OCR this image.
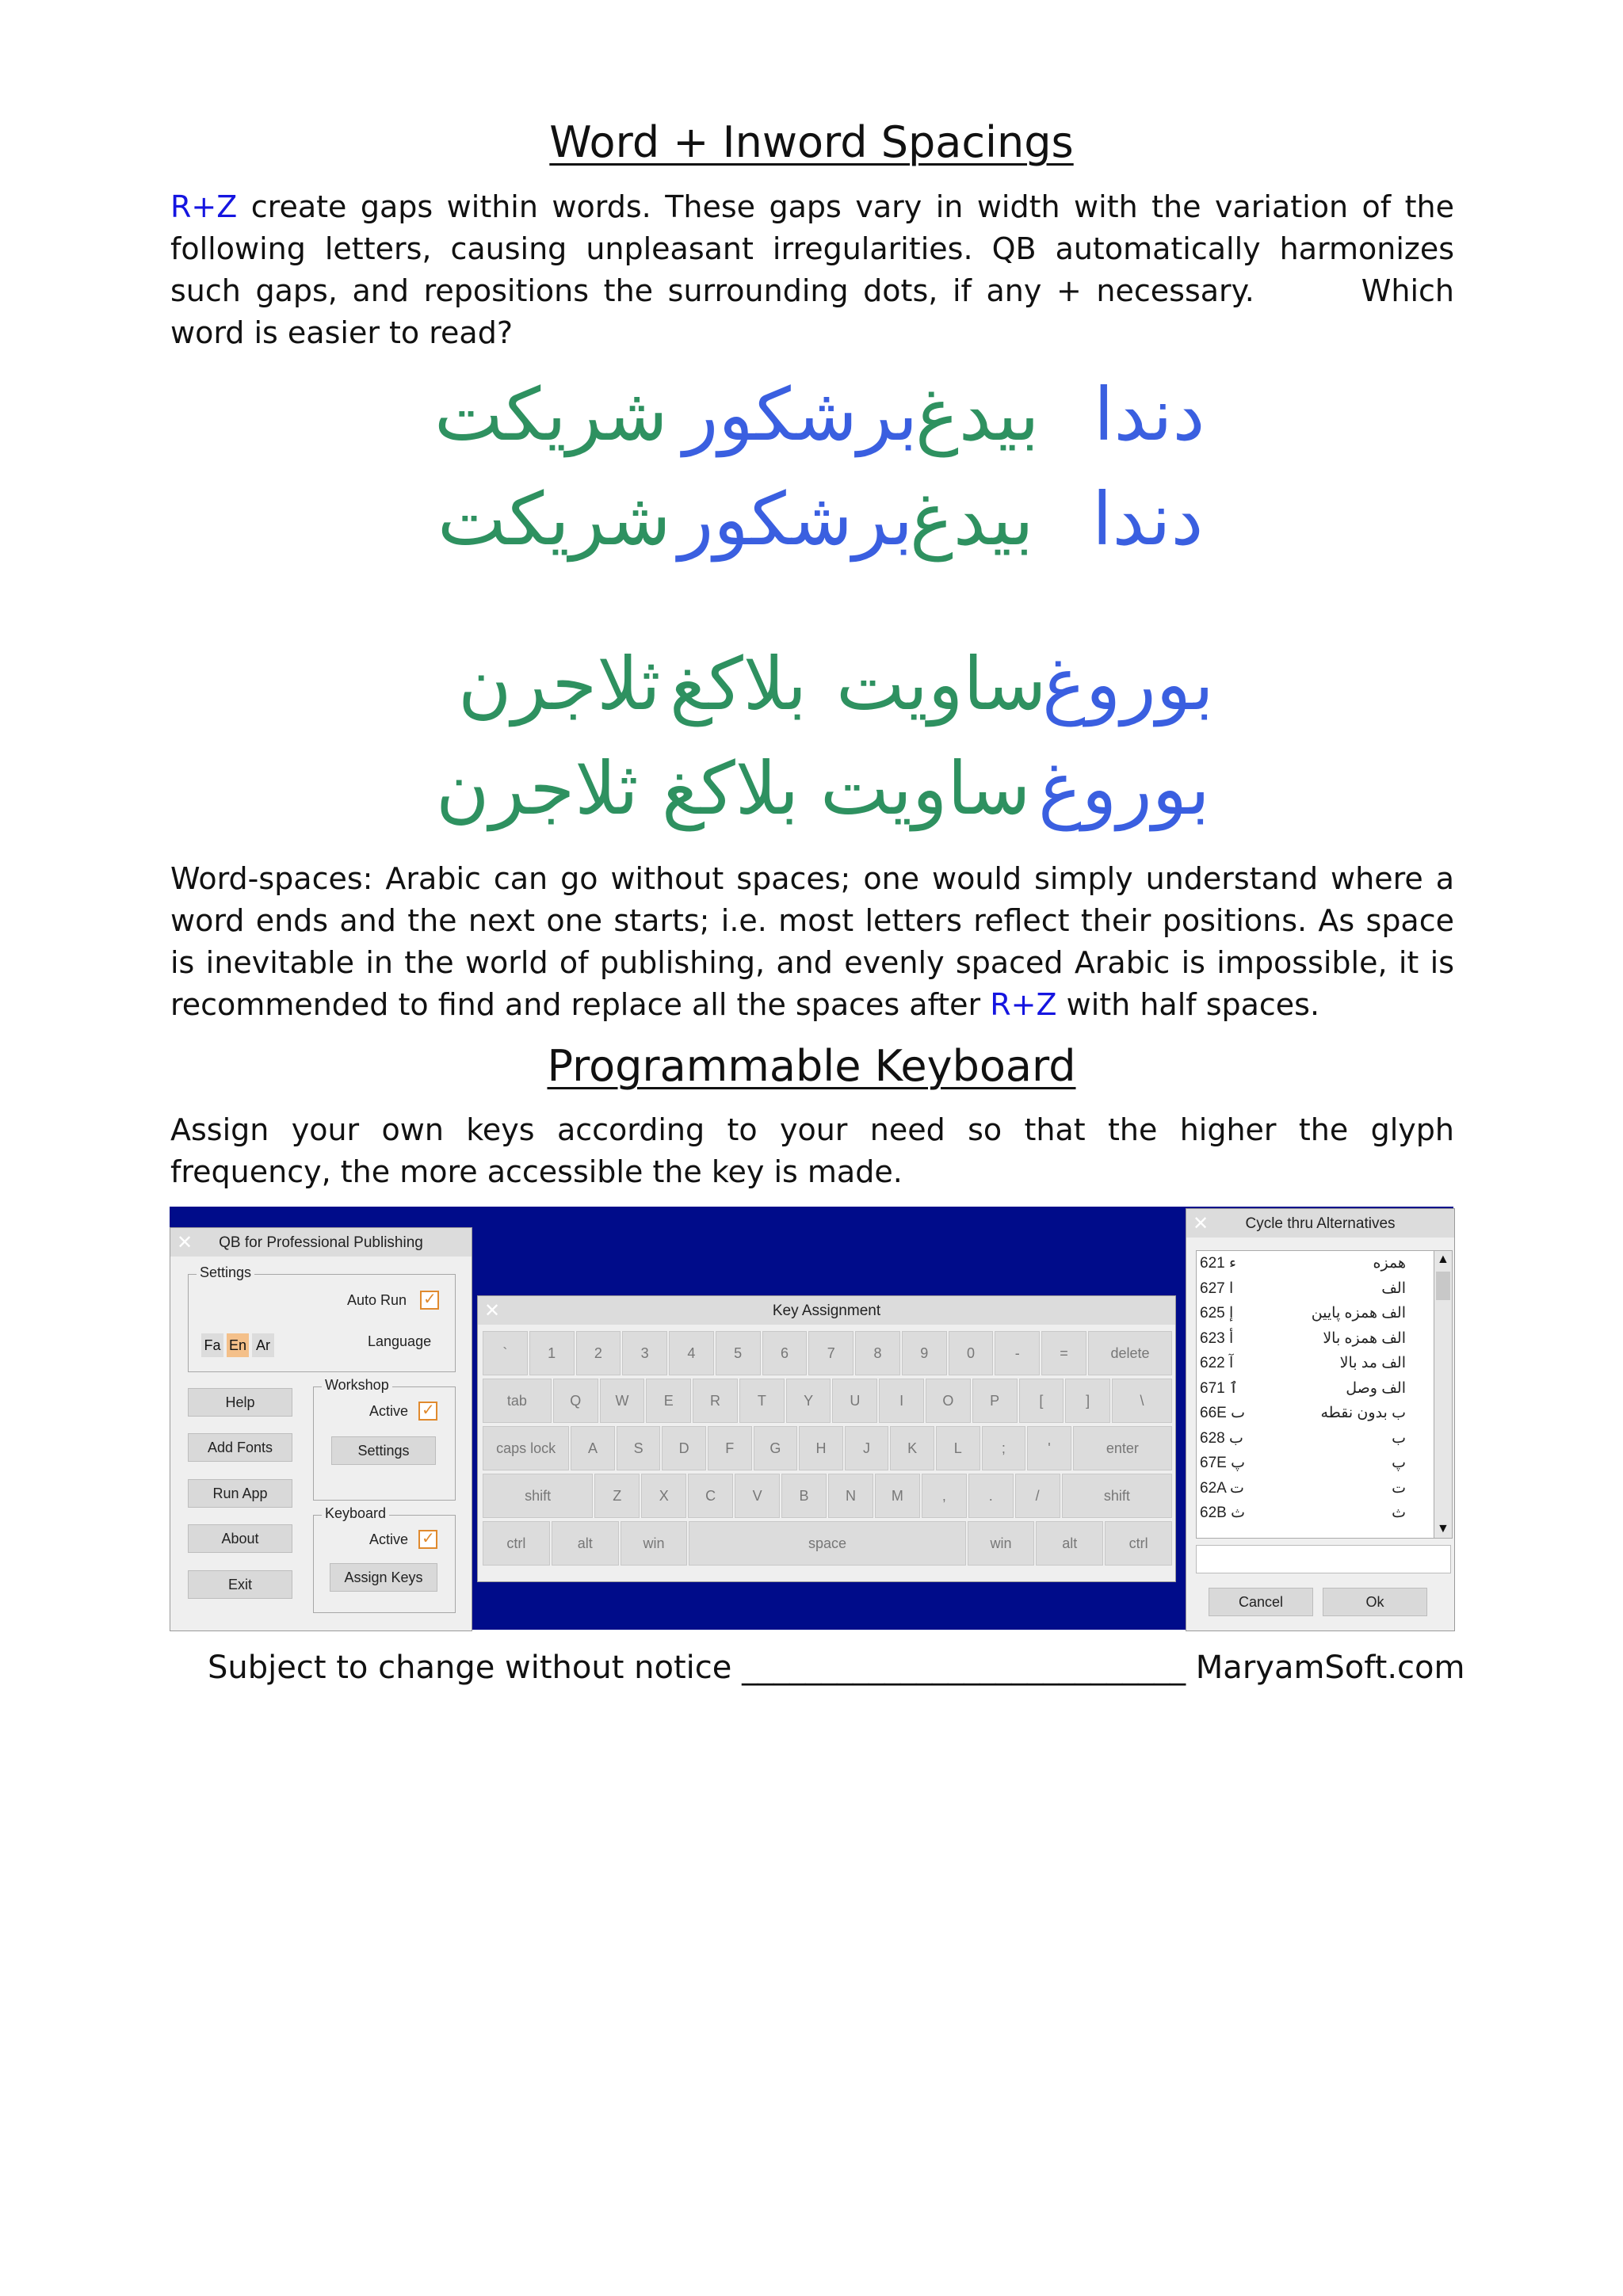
Word + Inword Spacings
R+Z create gaps within words. These gaps vary in width with the variation of the following letters, causing unpleasant irregularities. QB automatically harmonizes such gaps, and repositions the surrounding dots, if any + necessary.	Which word is easier to read?
شريكت برشكور
بيدغ دندا
شريكت برشكور
بيدغ دندا
ثلاجرن بلاكغ ساويت
بوروغ
ثلاجرن بلاكغ ساويت بوروغ
Word-spaces: Arabic can go without spaces; one would simply understand where a word ends and the next one starts; i.e. most letters reflect their positions. As space is inevitable in the world of publishing, and evenly spaced Arabic is impossible, it is recommended to find and replace all the spaces after R+Z with half spaces.
Programmable Keyboard
Assign your own keys according to your need so that the higher the glyph frequency, the more accessible the key is made.
✕	QB for Professional Publishing
Settings
Auto Run
✓
Fa En Ar	Language
Help
Add Fonts
Run App
About
Exit
Workshop
Active
✓
Settings
Keyboard
Active
✓
Assign Keys
✕	Key Assignment
`	1	2	3	4	5	6	7	8	9	0	-	=	delete
tab	Q	W	E	R	T	Y	U	I	O	P	[	]	\
caps lock	A	S	D	F	G	H	J	K	L	;	'	enter
shift	Z	X	C	V	B	N	M	,	.	/	shift
ctrl	alt	win	space	win	alt	ctrl
✕	Cycle thru Alternatives
621 ء	همزه
627 ا	الف
625 إ	الف همزه پایین
623 أ	الف همزه بالا
622 آ	الف مد بالا
671 ٱ	الف وصل
66E ٮ	ب بدون نقطه
628 ب	ب
67E پ	پ
62A ت	ت
62B ث	ث
▲
▼
Cancel	Ok
Subject to change without notice ____________________________ MaryamSoft.com
